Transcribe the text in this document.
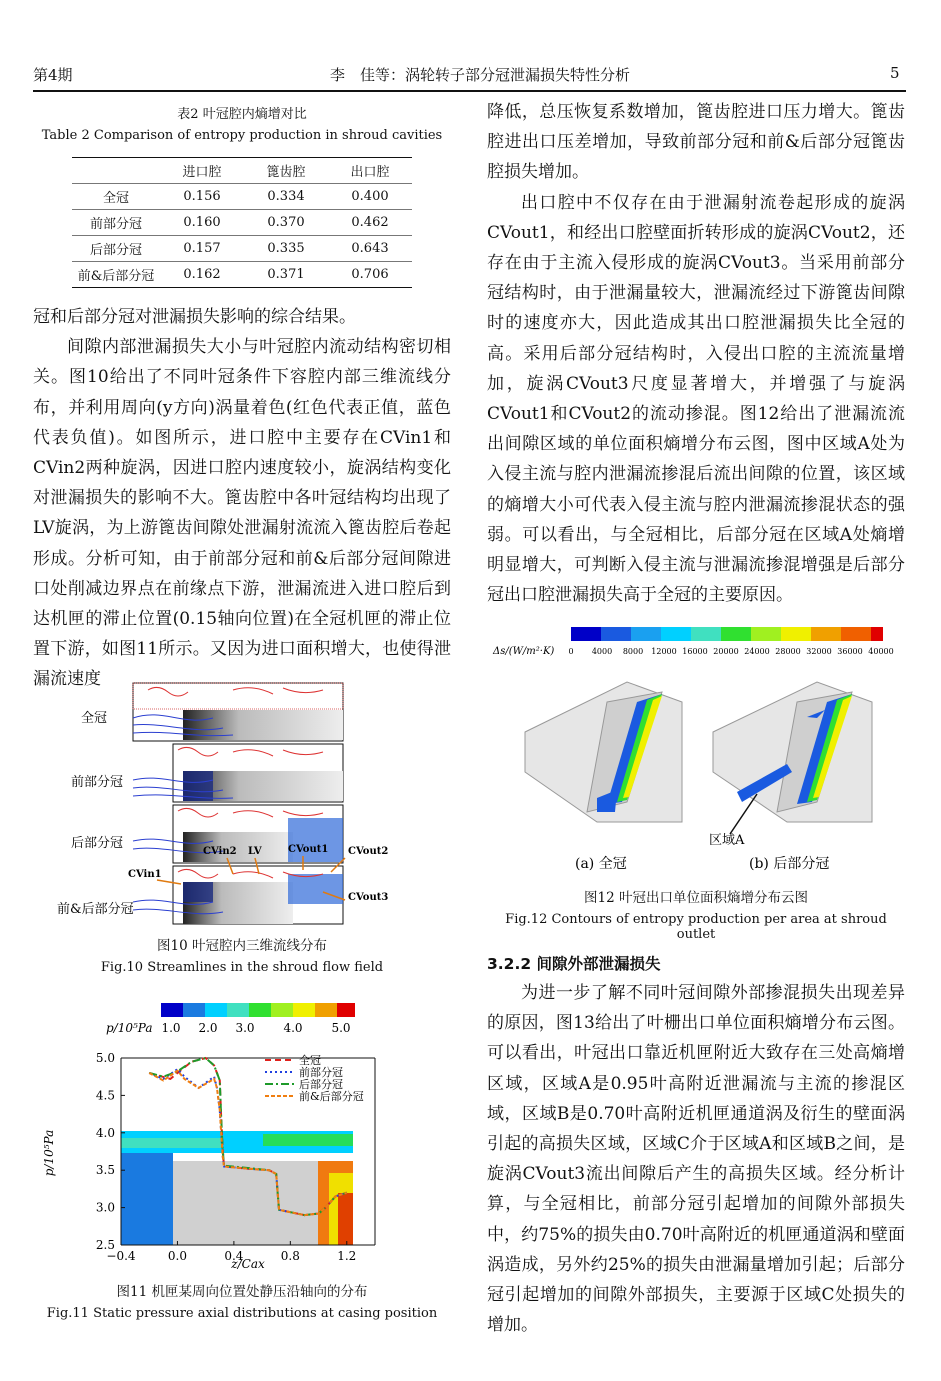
第4期	李　佳等：涡轮转子部分冠泄漏损失特性分析	5
表2 叶冠腔内熵增对比
Table 2 Comparison of entropy production in shroud cavities
	进口腔	篦齿腔	出口腔
全冠	0.156	0.334	0.400
前部分冠	0.160	0.370	0.462
后部分冠	0.157	0.335	0.643
前&后部分冠	0.162	0.371	0.706

冠和后部分冠对泄漏损失影响的综合结果。

间隙内部泄漏损失大小与叶冠腔内流动结构密切相关。图10给出了不同叶冠条件下容腔内部三维流线分布，并利用周向(y方向)涡量着色(红色代表正值，蓝色代表负值)。如图所示，进口腔中主要存在CVin1和CVin2两种旋涡，因进口腔内速度较小，旋涡结构变化对泄漏损失的影响不大。篦齿腔中各叶冠结构均出现了LV旋涡，为上游篦齿间隙处泄漏射流流入篦齿腔后卷起形成。分析可知，由于前部分冠和前&后部分冠间隙进口处削减边界点在前缘点下游，泄漏流进入进口腔后到达机匣的滞止位置(0.15轴向位置)在全冠机匣的滞止位置下游，如图11所示。又因为进口面积增大，也使得泄漏流速度

降低，总压恢复系数增加，篦齿腔进口压力增大。篦齿腔进出口压差增加，导致前部分冠和前&后部分冠篦齿腔损失增加。

出口腔中不仅存在由于泄漏射流卷起形成的旋涡CVout1，和经出口腔壁面折转形成的旋涡CVout2，还存在由于主流入侵形成的旋涡CVout3。当采用前部分冠结构时，由于泄漏量较大，泄漏流经过下游篦齿间隙时的速度亦大，因此造成其出口腔泄漏损失比全冠的高。采用后部分冠结构时，入侵出口腔的主流流量增加，旋涡CVout3尺度显著增大，并增强了与旋涡CVout1和CVout2的流动掺混。图12给出了泄漏流流出间隙区域的单位面积熵增分布云图，图中区域A处为入侵主流与腔内泄漏流掺混后流出间隙的位置，该区域的熵增大小可代表入侵主流与腔内泄漏流掺混状态的强弱。可以看出，与全冠相比，后部分冠在区域A处熵增明显增大，可判断入侵主流与泄漏流掺混增强是后部分冠出口腔泄漏损失高于全冠的主要原因。

全冠
前部分冠
后部分冠
前&后部分冠
CVin2 LV	CVout1 CVout2
CVin1
CVout3
图10 叶冠腔内三维流线分布
Fig.10 Streamlines in the shroud flow field
p/10⁵Pa 1.0 2.0 3.0 4.0 5.0
−0.4	0.0	0.4	0.8	1.2
2.5
3.0
3.5
4.0
4.5
5.0	全冠
前部分冠
后部分冠
前&后部分冠
p/10⁵Pa
z/Cax
图11 机匣某周向位置处静压沿轴向的分布
Fig.11 Static pressure axial distributions at casing position
Δs/(W/m²·K) 0 4000 8000 12000 16000 20000 24000 28000 32000 36000 40000
区域A
(a) 全冠	(b) 后部分冠
图12 叶冠出口单位面积熵增分布云图
Fig.12 Contours of entropy production per area at shroud outlet
3.2.2 间隙外部泄漏损失

为进一步了解不同叶冠间隙外部掺混损失出现差异的原因，图13给出了叶栅出口单位面积熵增分布云图。可以看出，叶冠出口靠近机匣附近大致存在三处高熵增区域，区域A是0.95叶高附近泄漏流与主流的掺混区域，区域B是0.70叶高附近机匣通道涡及衍生的壁面涡引起的高损失区域，区域C介于区域A和区域B之间，是旋涡CVout3流出间隙后产生的高损失区域。经分析计算，与全冠相比，前部分冠引起增加的间隙外部损失中，约75%的损失由0.70叶高附近的机匣通道涡和壁面涡造成，另外约25%的损失由泄漏量增加引起；后部分冠引起增加的间隙外部损失，主要源于区域C处损失的增加。
